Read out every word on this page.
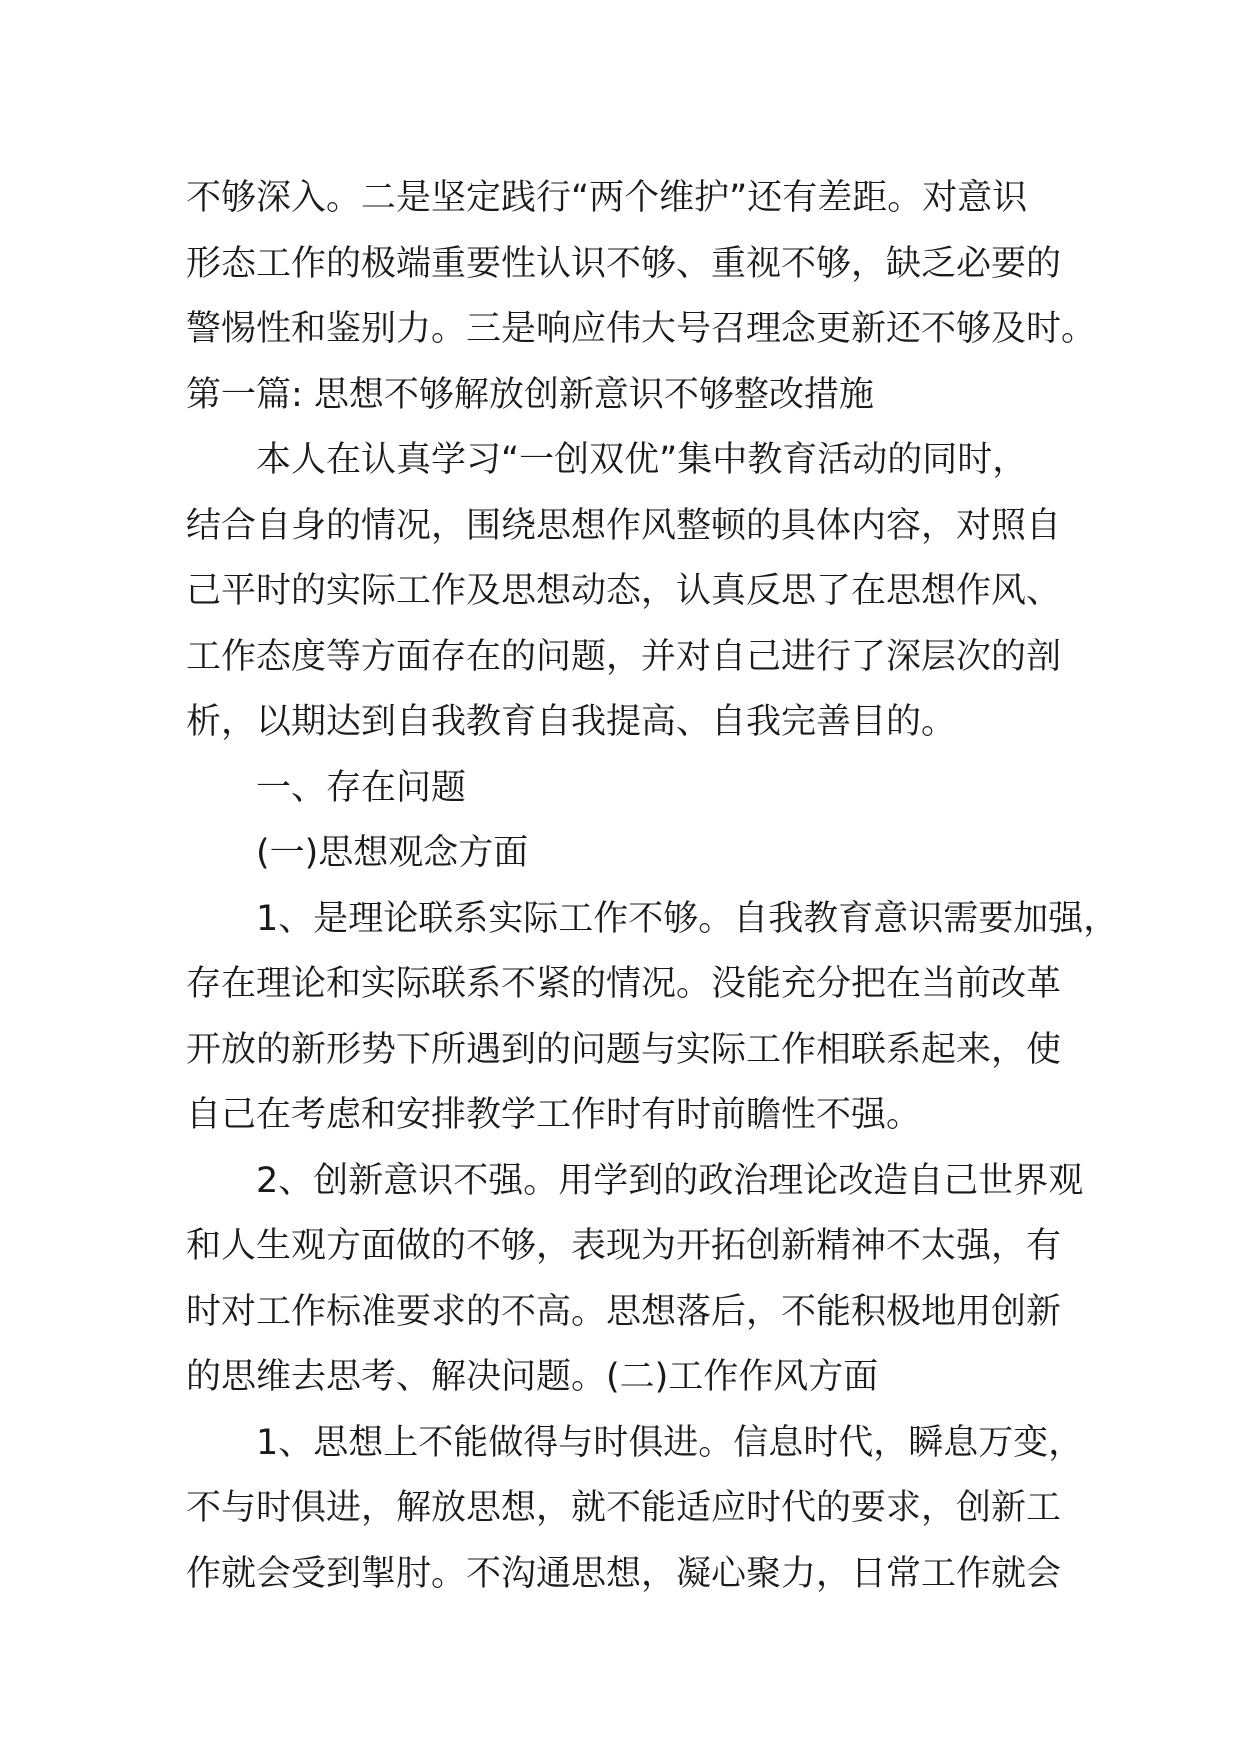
不够深入。二是坚定践行“两个维护”还有差距。对意识

形态工作的极端重要性认识不够、重视不够，缺乏必要的

警惕性和鉴别力。三是响应伟大号召理念更新还不够及时。

第一篇: 思想不够解放创新意识不够整改措施

本人在认真学习“一创双优”集中教育活动的同时，

结合自身的情况，围绕思想作风整顿的具体内容，对照自

己平时的实际工作及思想动态，认真反思了在思想作风、

工作态度等方面存在的问题，并对自己进行了深层次的剖

析，以期达到自我教育自我提高、自我完善目的。

一、存在问题

(一)思想观念方面

1、是理论联系实际工作不够。自我教育意识需要加强，

存在理论和实际联系不紧的情况。没能充分把在当前改革

开放的新形势下所遇到的问题与实际工作相联系起来，使

自己在考虑和安排教学工作时有时前瞻性不强。

2、创新意识不强。用学到的政治理论改造自己世界观

和人生观方面做的不够，表现为开拓创新精神不太强，有

时对工作标准要求的不高。思想落后，不能积极地用创新

的思维去思考、解决问题。(二)工作作风方面

1、思想上不能做得与时俱进。信息时代，瞬息万变，

不与时俱进，解放思想，就不能适应时代的要求，创新工

作就会受到掣肘。不沟通思想，凝心聚力，日常工作就会
